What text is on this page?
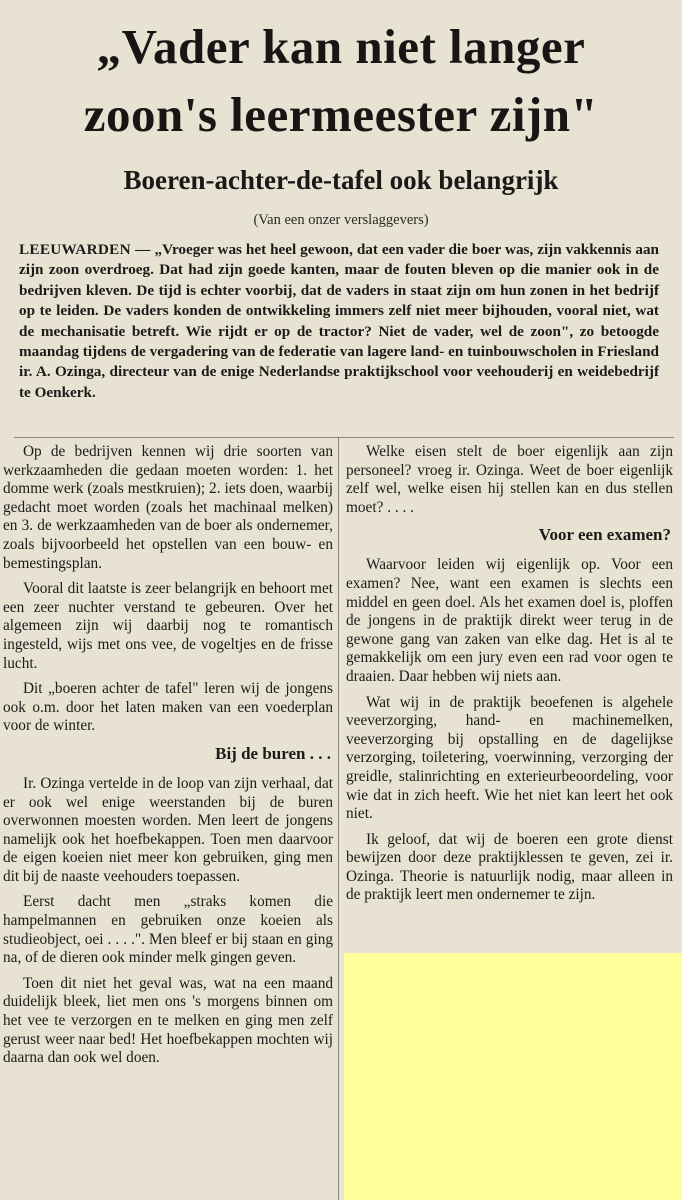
„Vader kan niet langer
zoon's leermeester zijn"
Boeren-achter-de-tafel ook belangrijk
(Van een onzer verslaggevers)

LEEUWARDEN — „Vroeger was het heel gewoon, dat een vader die boer was, zijn vakkennis aan zijn zoon overdroeg. Dat had zijn goede kanten, maar de fouten bleven op die manier ook in de bedrijven kleven. De tijd is echter voorbij, dat de vaders in staat zijn om hun zonen in het bedrijf op te leiden. De vaders konden de ontwikkeling immers zelf niet meer bijhouden, vooral niet, wat de mechanisatie betreft. Wie rijdt er op de tractor? Niet de vader, wel de zoon", zo betoogde maandag tijdens de vergadering van de federatie van lagere land- en tuinbouwscholen in Friesland ir. A. Ozinga, directeur van de enige Nederlandse praktijkschool voor veehouderij en weidebedrijf te Oenkerk.

Op de bedrijven kennen wij drie soorten van werkzaamheden die gedaan moeten worden: 1. het domme werk (zoals mestkruien); 2. iets doen, waarbij gedacht moet worden (zoals het machinaal melken) en 3. de werkzaamheden van de boer als ondernemer, zoals bijvoorbeeld het opstellen van een bouw- en bemestingsplan.

Vooral dit laatste is zeer belangrijk en behoort met een zeer nuchter verstand te gebeuren. Over het algemeen zijn wij daarbij nog te romantisch ingesteld, wijs met ons vee, de vogeltjes en de frisse lucht.

Dit „boeren achter de tafel" leren wij de jongens ook o.m. door het laten maken van een voederplan voor de winter.

Bij de buren . . .

Ir. Ozinga vertelde in de loop van zijn verhaal, dat er ook wel enige weerstanden bij de buren overwonnen moesten worden. Men leert de jongens namelijk ook het hoefbekappen. Toen men daarvoor de eigen koeien niet meer kon gebruiken, ging men dit bij de naaste veehouders toepassen.

Eerst dacht men „straks komen die hampelmannen en gebruiken onze koeien als studieobject, oei . . . .". Men bleef er bij staan en ging na, of de dieren ook minder melk gingen geven.

Toen dit niet het geval was, wat na een maand duidelijk bleek, liet men ons 's morgens binnen om het vee te verzorgen en te melken en ging men zelf gerust weer naar bed! Het hoefbekappen mochten wij daarna dan ook wel doen.

Welke eisen stelt de boer eigenlijk aan zijn personeel? vroeg ir. Ozinga. Weet de boer eigenlijk zelf wel, welke eisen hij stellen kan en dus stellen moet? . . . .

Voor een examen?

Waarvoor leiden wij eigenlijk op. Voor een examen? Nee, want een examen is slechts een middel en geen doel. Als het examen doel is, ploffen de jongens in de praktijk direkt weer terug in de gewone gang van zaken van elke dag. Het is al te gemakkelijk om een jury even een rad voor ogen te draaien. Daar hebben wij niets aan.

Wat wij in de praktijk beoefenen is algehele veeverzorging, hand- en machinemelken, veeverzorging bij opstalling en de dagelijkse verzorging, toiletering, voerwinning, verzorging der greidle, stalinrichting en exterieurbeoordeling, voor wie dat in zich heeft. Wie het niet kan leert het ook niet.

Ik geloof, dat wij de boeren een grote dienst bewijzen door deze praktijklessen te geven, zei ir. Ozinga. Theorie is natuurlijk nodig, maar alleen in de praktijk leert men ondernemer te zijn.
